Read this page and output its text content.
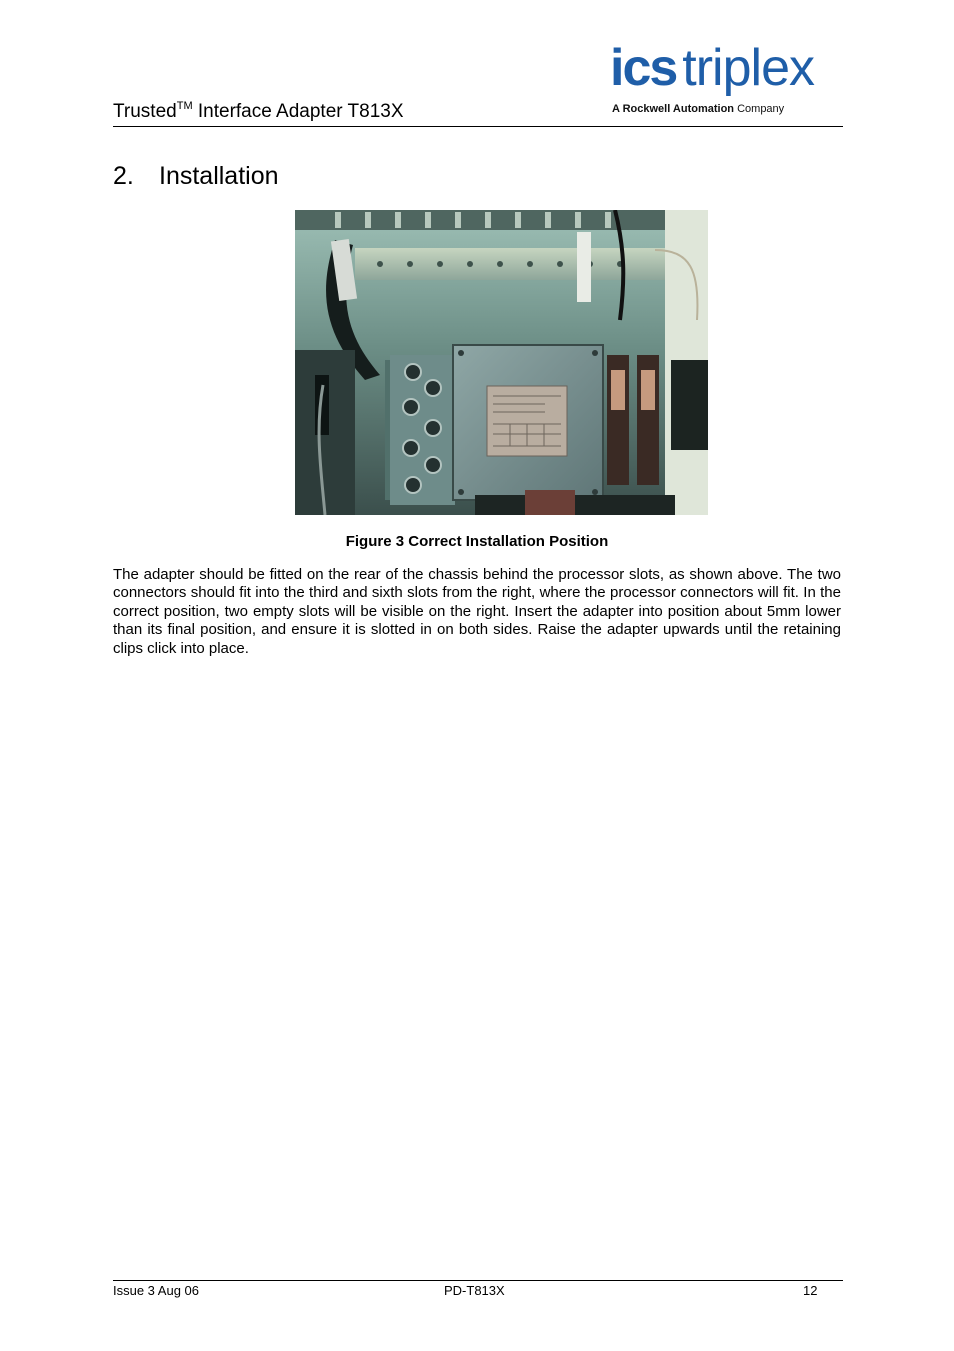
Trusted™ Interface Adapter T813X
ics triplex
A Rockwell Automation Company
2. Installation
Figure 3 Correct Installation Position
The adapter should be fitted on the rear of the chassis behind the processor slots, as shown above. The two connectors should fit into the third and sixth slots from the right, where the processor connectors will fit. In the correct position, two empty slots will be visible on the right. Insert the adapter into position about 5mm lower than its final position, and ensure it is slotted in on both sides. Raise the adapter upwards until the retaining clips click into place.
Issue 3 Aug 06	PD-T813X	12
